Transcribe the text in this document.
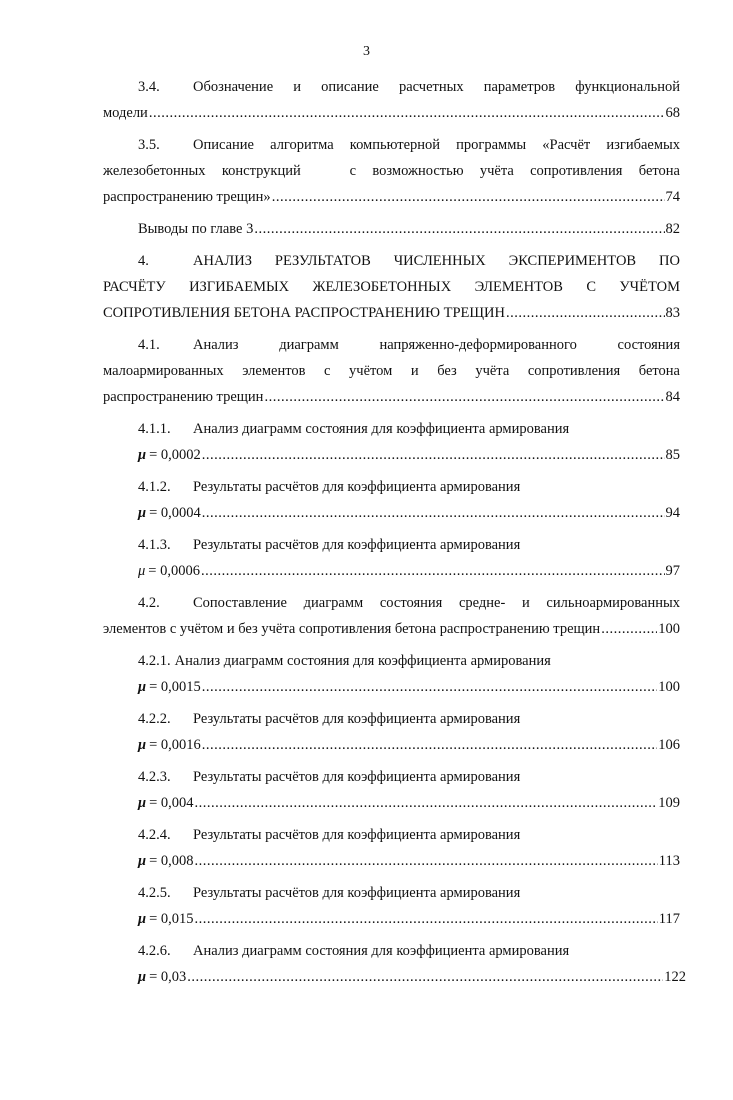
3
3.4.	Обозначение и описание расчетных параметров функциональной
модели .....	68
3.5.	Описание алгоритма компьютерной программы «Расчёт изгибаемых
железобетонных конструкций   с возможностью учёта сопротивления бетона
распространению трещин» .....	74
Выводы по главе 3 .....	82
4.	АНАЛИЗ РЕЗУЛЬТАТОВ ЧИСЛЕННЫХ ЭКСПЕРИМЕНТОВ ПО
РАСЧЁТУ ИЗГИБАЕМЫХ ЖЕЛЕЗОБЕТОННЫХ ЭЛЕМЕНТОВ С УЧЁТОМ
СОПРОТИВЛЕНИЯ БЕТОНА РАСПРОСТРАНЕНИЮ ТРЕЩИН .....	83
4.1.	Анализ диаграмм напряженно-деформированного состояния
малоармированных элементов с учётом и без учёта сопротивления бетона
распространению трещин .....	84
4.1.1.	Анализ диаграмм состояния для коэффициента армирования
μ = 0,0002 .....	85
4.1.2.	Результаты расчётов для коэффициента армирования
μ = 0,0004 .....	94
4.1.3.	Результаты расчётов для коэффициента армирования
μ = 0,0006 .....	97
4.2.	Сопоставление диаграмм состояния средне- и сильноармированных
элементов с учётом и без учёта сопротивления бетона распространению трещин .....	100
4.2.1. Анализ диаграмм состояния для коэффициента армирования
μ = 0,0015 .....	100
4.2.2.	Результаты расчётов для коэффициента армирования
μ = 0,0016 .....	106
4.2.3.	Результаты расчётов для коэффициента армирования
μ = 0,004 .....	109
4.2.4.	Результаты расчётов для коэффициента армирования
μ = 0,008 .....	113
4.2.5.	Результаты расчётов для коэффициента армирования
μ = 0,015 .....	117
4.2.6.	Анализ диаграмм состояния для коэффициента армирования
μ = 0,03 .....	122
